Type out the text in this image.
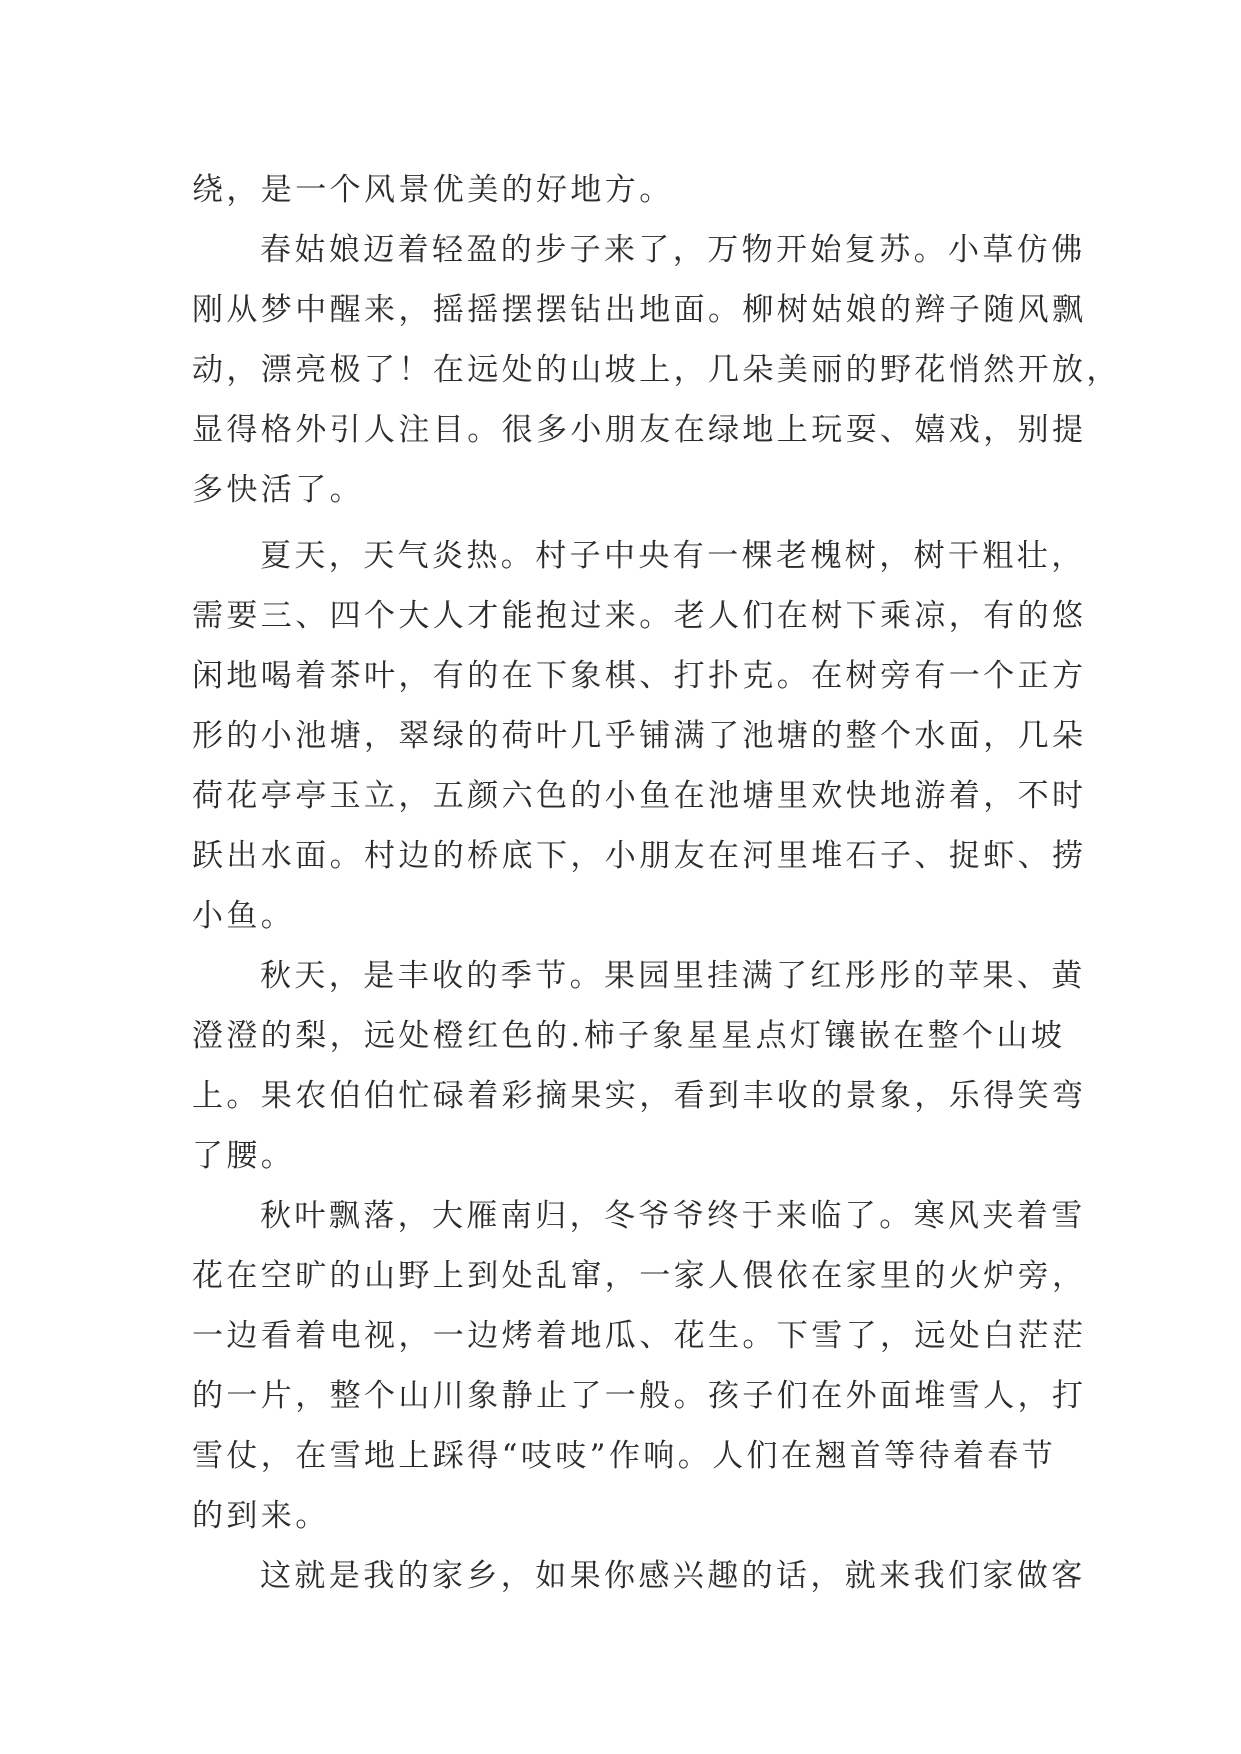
绕，是一个风景优美的好地方。
春姑娘迈着轻盈的步子来了，万物开始复苏。小草仿佛
刚从梦中醒来，摇摇摆摆钻出地面。柳树姑娘的辫子随风飘
动，漂亮极了！在远处的山坡上，几朵美丽的野花悄然开放，
显得格外引人注目。很多小朋友在绿地上玩耍、嬉戏，别提
多快活了。
夏天，天气炎热。村子中央有一棵老槐树，树干粗壮，
需要三、四个大人才能抱过来。老人们在树下乘凉，有的悠
闲地喝着茶叶，有的在下象棋、打扑克。在树旁有一个正方
形的小池塘，翠绿的荷叶几乎铺满了池塘的整个水面，几朵
荷花亭亭玉立，五颜六色的小鱼在池塘里欢快地游着，不时
跃出水面。村边的桥底下，小朋友在河里堆石子、捉虾、捞
小鱼。
秋天，是丰收的季节。果园里挂满了红彤彤的苹果、黄
澄澄的梨，远处橙红色的.柿子象星星点灯镶嵌在整个山坡
上。果农伯伯忙碌着彩摘果实，看到丰收的景象，乐得笑弯
了腰。
秋叶飘落，大雁南归，冬爷爷终于来临了。寒风夹着雪
花在空旷的山野上到处乱窜，一家人偎依在家里的火炉旁，
一边看着电视，一边烤着地瓜、花生。下雪了，远处白茫茫
的一片，整个山川象静止了一般。孩子们在外面堆雪人，打
雪仗，在雪地上踩得“吱吱”作响。人们在翘首等待着春节
的到来。
这就是我的家乡，如果你感兴趣的话，就来我们家做客
